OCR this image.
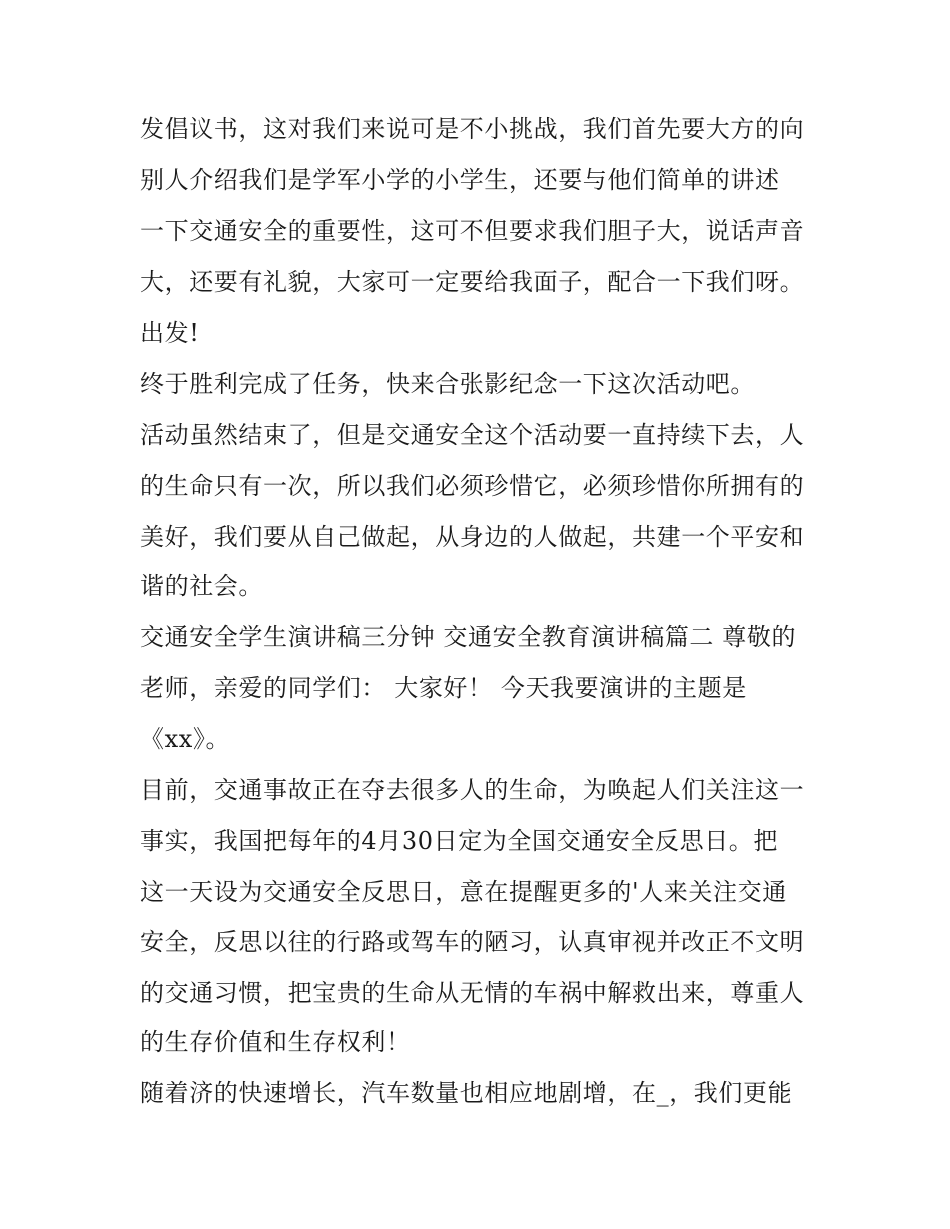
发倡议书，这对我们来说可是不小挑战，我们首先要大方的向
别人介绍我们是学军小学的小学生，还要与他们简单的讲述
一下交通安全的重要性，这可不但要求我们胆子大，说话声音
大，还要有礼貌，大家可一定要给我面子，配合一下我们呀。
出发!
终于胜利完成了任务，快来合张影纪念一下这次活动吧。
活动虽然结束了，但是交通安全这个活动要一直持续下去，人
的生命只有一次，所以我们必须珍惜它，必须珍惜你所拥有的
美好，我们要从自己做起，从身边的人做起，共建一个平安和
谐的社会。
交通安全学生演讲稿三分钟 交通安全教育演讲稿篇二 尊敬的
老师，亲爱的同学们： 大家好！ 今天我要演讲的主题是
《xx》。
目前，交通事故正在夺去很多人的生命，为唤起人们关注这一
事实，我国把每年的4月30日定为全国交通安全反思日。把
这一天设为交通安全反思日，意在提醒更多的'人来关注交通
安全，反思以往的行路或驾车的陋习，认真审视并改正不文明
的交通习惯，把宝贵的生命从无情的车祸中解救出来，尊重人
的生存价值和生存权利！
随着济的快速增长，汽车数量也相应地剧增，在_，我们更能
